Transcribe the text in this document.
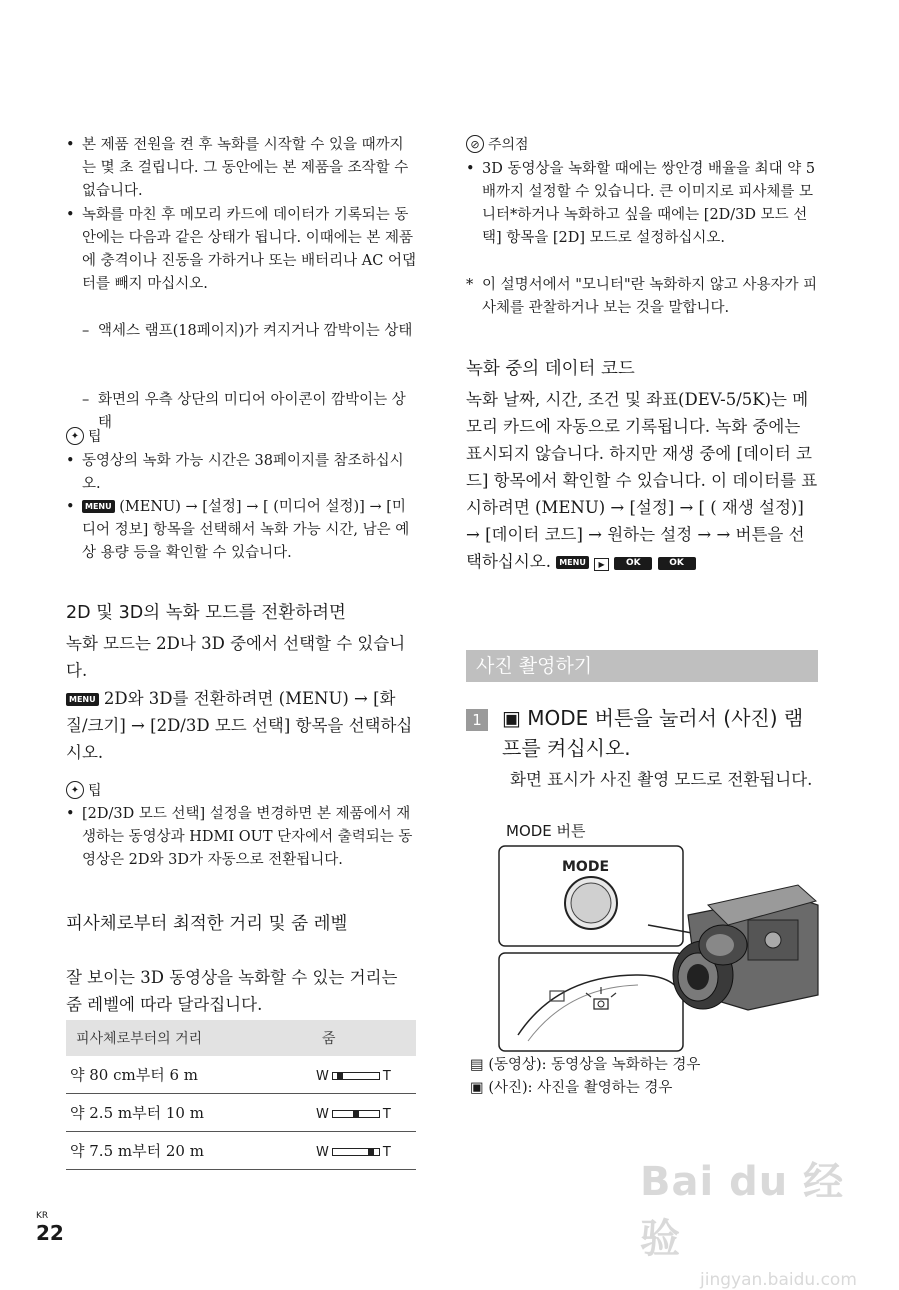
• 본 제품 전원을 켠 후 녹화를 시작할 수 있을 때까지는 몇 초 걸립니다. 그 동안에는 본 제품을 조작할 수 없습니다.
• 녹화를 마친 후 메모리 카드에 데이터가 기록되는 동안에는 다음과 같은 상태가 됩니다. 이때에는 본 제품에 충격이나 진동을 가하거나 또는 배터리나 AC 어댑터를 빼지 마십시오.
– 액세스 램프(18페이지)가 켜지거나 깜박이는 상태
– 화면의 우측 상단의 미디어 아이콘이 깜박이는 상태
✦ 팁
• 동영상의 녹화 가능 시간은 38페이지를 참조하십시오.
•	MENU (MENU) → [설정] → [ (미디어 설정)] → [미디어 정보] 항목을 선택해서 녹화 가능 시간, 남은 예상 용량 등을 확인할 수 있습니다.
2D 및 3D의 녹화 모드를 전환하려면
녹화 모드는 2D나 3D 중에서 선택할 수 있습니다.
MENU 2D와 3D를 전환하려면 (MENU) → [화질/크기] → [2D/3D 모드 선택] 항목을 선택하십시오.
✦ 팁
• [2D/3D 모드 선택] 설정을 변경하면 본 제품에서 재생하는 동영상과 HDMI OUT 단자에서 출력되는 동영상은 2D와 3D가 자동으로 전환됩니다.
피사체로부터 최적한 거리 및 줌 레벨
잘 보이는 3D 동영상을 녹화할 수 있는 거리는 줌 레벨에 따라 달라집니다.
피사체로부터의 거리	줌
약 80 cm부터 6 m	W T

약 2.5 m부터 10 m	W T

약 7.5 m부터 20 m	W T
⊘ 주의점
• 3D 동영상을 녹화할 때에는 쌍안경 배율을 최대 약 5배까지 설정할 수 있습니다. 큰 이미지로 피사체를 모니터*하거나 녹화하고 싶을 때에는 [2D/3D 모드 선택] 항목을 [2D] 모드로 설정하십시오.
* 이 설명서에서 "모니터"란 녹화하지 않고 사용자가 피사체를 관찰하거나 보는 것을 말합니다.
녹화 중의 데이터 코드
녹화 날짜, 시간, 조건 및 좌표(DEV-5/5K)는 메모리 카드에 자동으로 기록됩니다. 녹화 중에는 표시되지 않습니다. 하지만 재생 중에 [데이터 코드] 항목에서 확인할 수 있습니다. 이 데이터를 표시하려면 (MENU) → [설정] → [ ( 재생 설정)] → [데이터 코드] → 원하는 설정 → → 버튼을 선택하십시오. MENU ▶ OK	OK
사진 촬영하기
1	▣ MODE 버튼을 눌러서 (사진) 램프를 켜십시오.
화면 표시가 사진 촬영 모드로 전환됩니다.
MODE 버튼
MODE
▤ (동영상): 동영상을 녹화하는 경우
▣ (사진): 사진을 촬영하는 경우
KR
22
Bai du 经验
jingyan.baidu.com
